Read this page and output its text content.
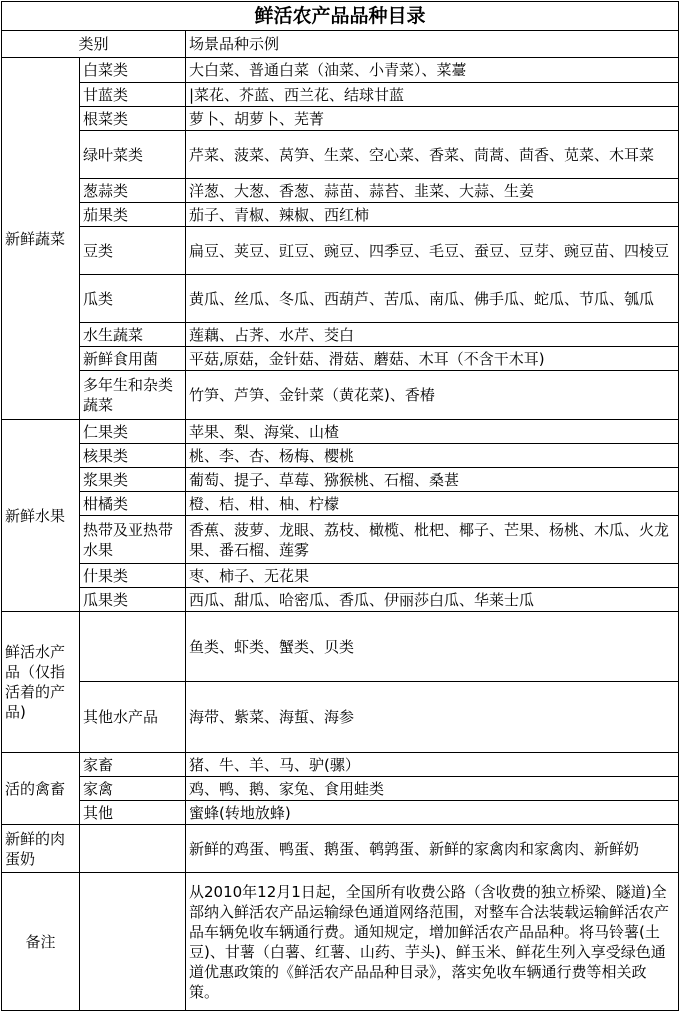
鲜活农产品品种目录		
类别		场景品种示例
新鲜蔬菜	白菜类	大白菜、普通白菜（油菜、小青菜）、菜薹
	甘蓝类	|菜花、芥蓝、西兰花、结球甘蓝
	根菜类	萝卜、胡萝卜、芜菁
	绿叶菜类	芹菜、菠菜、莴笋、生菜、空心菜、香菜、茼蒿、茴香、苋菜、木耳菜
	葱蒜类	洋葱、大葱、香葱、蒜苗、蒜苔、韭菜、大蒜、生姜
	茄果类	茄子、青椒、辣椒、西红柿
	豆类	扁豆、荚豆、豇豆、豌豆、四季豆、毛豆、蚕豆、豆芽、豌豆苗、四棱豆
	瓜类	黄瓜、丝瓜、冬瓜、西葫芦、苦瓜、南瓜、佛手瓜、蛇瓜、节瓜、瓠瓜
	水生蔬菜	莲藕、占荠、水芹、茭白
	新鲜食用菌	平菇,原菇，金针菇、滑菇、蘑菇、木耳（不含干木耳)
	多年生和杂类蔬菜	竹笋、芦笋、金针菜（黄花菜)、香椿
新鲜水果	仁果类	苹果、梨、海棠、山楂
	核果类	桃、李、杏、杨梅、樱桃
	浆果类	葡萄、提子、草莓、猕猴桃、石榴、桑葚
	柑橘类	橙、桔、柑、柚、柠檬
	热带及亚热带水果	香蕉、菠萝、龙眼、荔枝、橄榄、枇杷、椰子、芒果、杨桃、木瓜、火龙果、番石榴、莲雾
	什果类	枣、柿子、无花果
	瓜果类	西瓜、甜瓜、哈密瓜、香瓜、伊丽莎白瓜、华莱士瓜
鲜活水产品（仅指活着的产品)		鱼类、虾类、蟹类、贝类
	其他水产品	海带、紫菜、海蜇、海参
活的禽畜	家畜	猪、牛、羊、马、驴(骡）
	家禽	鸡、鸭、鹅、家兔、食用蛙类
	其他	蜜蜂(转地放蜂)
新鲜的肉蛋奶		新鲜的鸡蛋、鸭蛋、鹅蛋、鹌鹑蛋、新鲜的家禽肉和家禽肉、新鲜奶
备注		从2010年12月1日起，全国所有收费公路（含收费的独立桥梁、隧道)全部纳入鲜活农产品运输绿色通道网络范围，对整车合法装载运输鲜活农产品车辆免收车辆通行费。通知规定，增加鲜活农产品品种。将马铃薯(土豆)、甘薯（白薯、红薯、山药、芋头)、鲜玉米、鲜花生列入享受绿色通道优惠政策的《鲜活农产品品种目录》，落实免收车辆通行费等相关政策。
